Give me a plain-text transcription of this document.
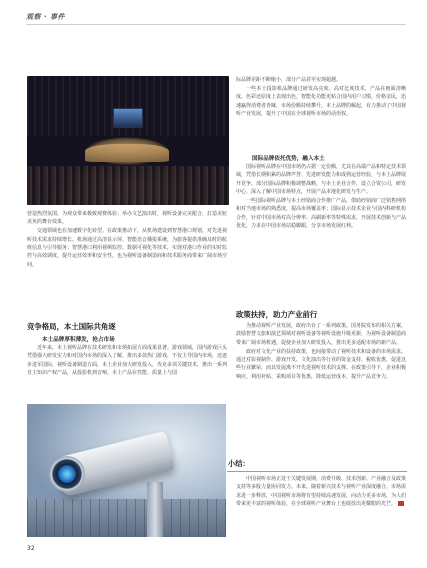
观察 · 事件

营造热烈氛围，为观众带来极致观赛体验；举办文艺演出时，视听设备完美配合，打造美轮美奂的舞台效果。

交通领域也在加速数字化转型。在政策推动下，从机场建设到智慧港口规划，对先进视听技术需求持续增长。机场通过高清显示屏、智能语音播报系统，为旅客提供准确及时的航班信息与引导服务；智慧港口利用视频监控、数据可视化等技术，实现对港口作业的实时监控与高效调度，提升运营效率和安全性，也为视听设备制造商和技术服务商带来广阔市场空间。

竞争格局，本土国际共角逐
本土品牌厚积薄发，抢占市场

近年来，本土视听品牌在技术研发和市场拓展方面成果显著。游戏领域，国内游戏巨头凭借强大研发实力和对国内市场的深入了解，推出多款热门游戏，不仅主导国内市场，还逐步进军国际，视听设备制造方面，本土企业加大研发投入，攻克多项关键技术，推出一系列自主知识产权产品，从投影机到音响，本土产品在性能、质量上与国

际品牌差距不断缩小，部分产品甚至实现超越。

一些本土投影机品牌通过研发高亮度、高对比度技术，产品在画面清晰度、色彩还原度上表现出色，智能化功能更贴合国内用户习惯，价格亲民，迅速赢得消费者青睐，市场份额持续攀升。本土品牌的崛起，有力推动了中国视听产业发展，提升了中国在全球视听市场的话语权。

国际品牌依托优势，融入本土

国际视听品牌在中国市场仍占据一定份额，尤其在高端产品和特定技术领域，凭借长期积累的品牌声誉、先进研发能力和成熟运营经验，与本土品牌展开竞争。部分国际品牌积极调整战略，与本土企业合作，设立合资公司，研发中心，深入了解中国市场特点，开展产品本地化研发与生产。

一些国际视听品牌与本土经销商合作推广产品，借助经销商广泛销售网络和对当地市场的熟悉度，提高市场覆盖率；国际显示技术企业与国内科研机构合作，针对中国市场对高分辨率、高刷新率等特殊需求，开展技术创新与产品优化，力求在中国市场站稳脚跟，分享市场发展红利。

政策扶持，助力产业前行

为推动视听产业发展，政府出台了一系列政策。国务院发布的相关方案，鼓励智慧文旅和演艺领域对视听设备等视听设施升级更新，为视听设备制造商带来广阔市场机遇，促使企业加大研发投入，推出更多适配市场的新产品。

政府对文化产业的扶持政策，也间接带动了视听技术和设备的市场需求。通过对影视制作、游戏开发、文化演出等行业的资金支持、税收优惠，促进这些行业繁荣，而其发展离不开先进视听技术的支撑。在政策引导下，企业积极响应，利用补贴、采购项目等优惠，降低运营成本，提升产品竞争力。

小结：

中国视听市场正处于关键发展期，消费升级、技术创新、产业融合及政策支持等多股力量协同发力。未来，随着新兴技术与视听产业深度融合，市场需求进一步释放，中国视听市场将有望持续高速发展，向动力更多市场，为人们带来更丰富的视听体验，在全球视听产业舞台上也绽放出更耀眼的光芒。

32
